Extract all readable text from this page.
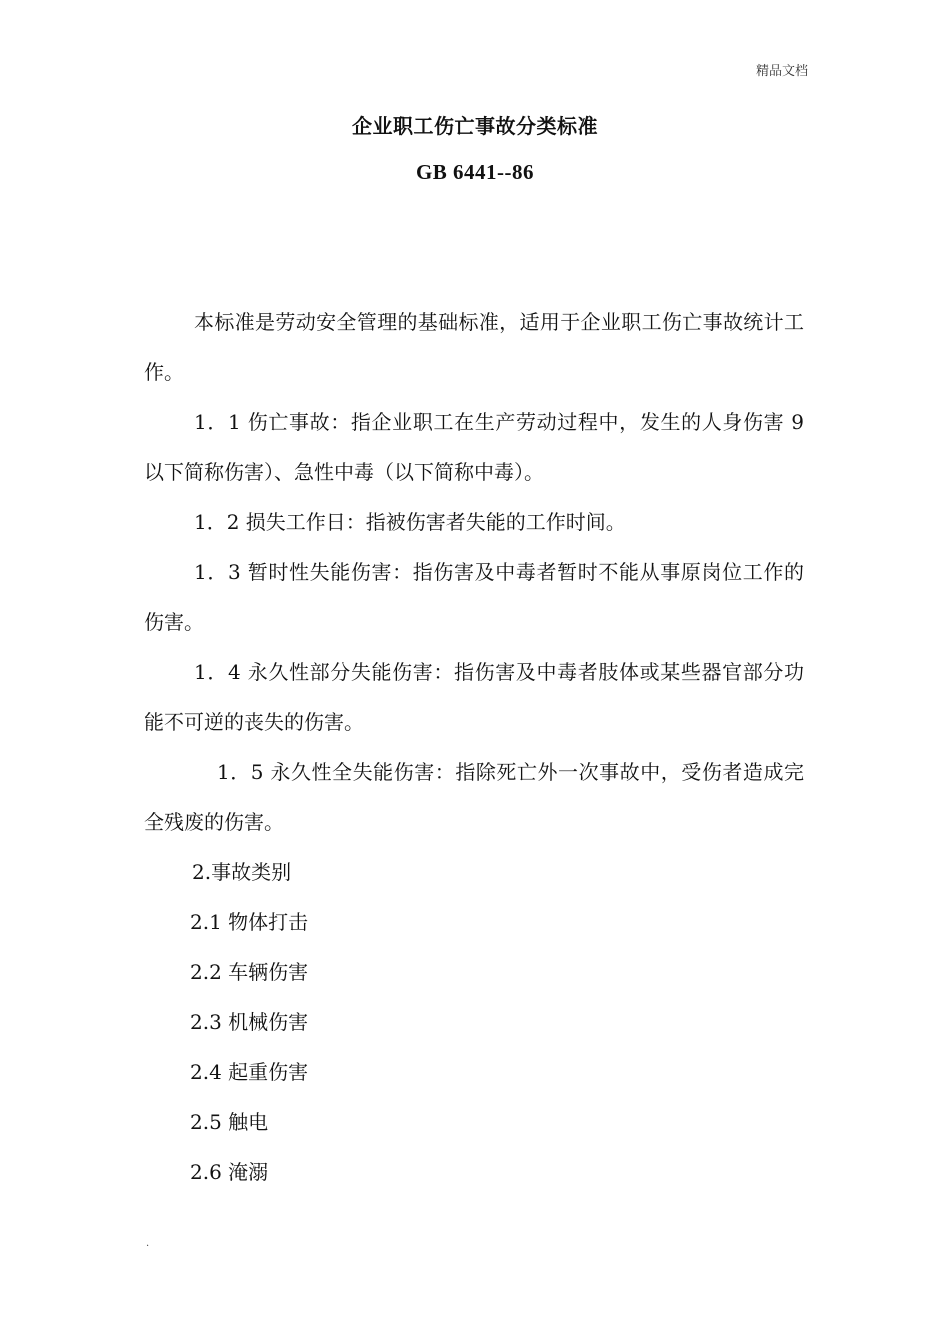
精品文档
企业职工伤亡事故分类标准
GB 6441--86

本标准是劳动安全管理的基础标准，适用于企业职工伤亡事故统计工作。

1．1 伤亡事故：指企业职工在生产劳动过程中，发生的人身伤害 9 以下简称伤害）、急性中毒（以下简称中毒）。

1．2 损失工作日：指被伤害者失能的工作时间。

1．3 暂时性失能伤害：指伤害及中毒者暂时不能从事原岗位工作的伤害。

1．4 永久性部分失能伤害：指伤害及中毒者肢体或某些器官部分功能不可逆的丧失的伤害。

1．5 永久性全失能伤害：指除死亡外一次事故中，受伤者造成完全残废的伤害。

2.事故类别
2.1 物体打击
2.2 车辆伤害
2.3 机械伤害
2.4 起重伤害
2.5 触电
2.6 淹溺
.
